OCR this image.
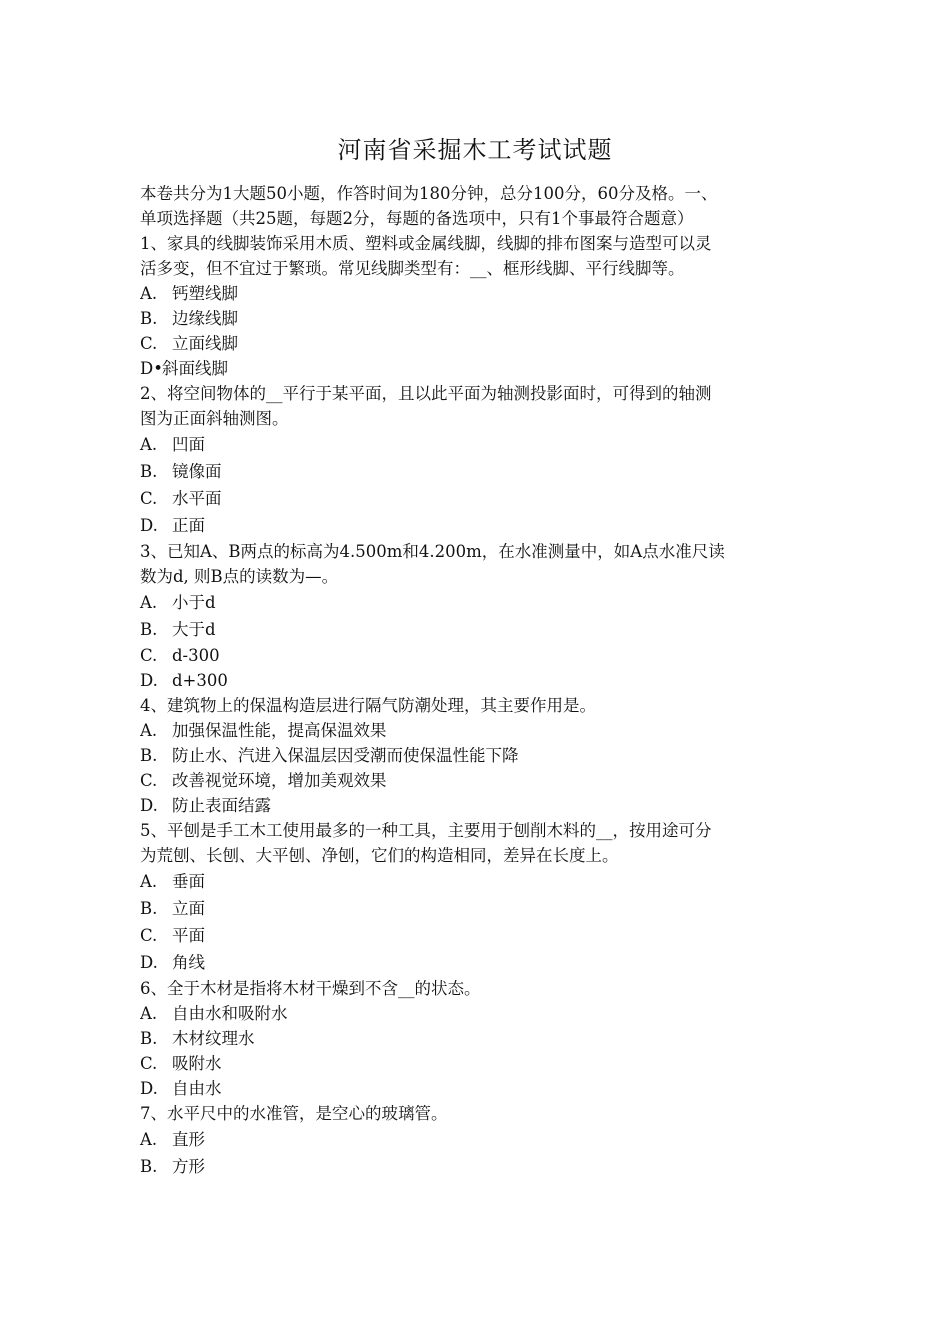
河南省采掘木工考试试题
本卷共分为1大题50小题，作答时间为180分钟，总分100分，60分及格。一、
单项选择题（共25题，每题2分，每题的备选项中，只有1个事最符合题意）
1、家具的线脚装饰采用木质、塑料或金属线脚，线脚的排布图案与造型可以灵
活多变，但不宜过于繁琐。常见线脚类型有：__、框形线脚、平行线脚等。
A. 钙塑线脚
B. 边缘线脚
C. 立面线脚
D•斜面线脚
2、将空间物体的__平行于某平面，且以此平面为轴测投影面时，可得到的轴测
图为正面斜轴测图。
A. 凹面
B. 镜像面
C. 水平面
D. 正面
3、已知A、B两点的标高为4.500m和4.200m，在水准测量中，如A点水准尺读
数为d, 则B点的读数为—。
A. 小于d
B. 大于d
C. d-300
D. d+300
4、建筑物上的保温构造层进行隔气防潮处理，其主要作用是。
A. 加强保温性能，提高保温效果
B. 防止水、汽进入保温层因受潮而使保温性能下降
C. 改善视觉环境，增加美观效果
D. 防止表面结露
5、平刨是手工木工使用最多的一种工具，主要用于刨削木料的__，按用途可分
为荒刨、长刨、大平刨、净刨，它们的构造相同，差异在长度上。
A. 垂面
B. 立面
C. 平面
D. 角线
6、全于木材是指将木材干燥到不含__的状态。
A. 自由水和吸附水
B. 木材纹理水
C. 吸附水
D. 自由水
7、水平尺中的水准管，是空心的玻璃管。
A. 直形
B. 方形
